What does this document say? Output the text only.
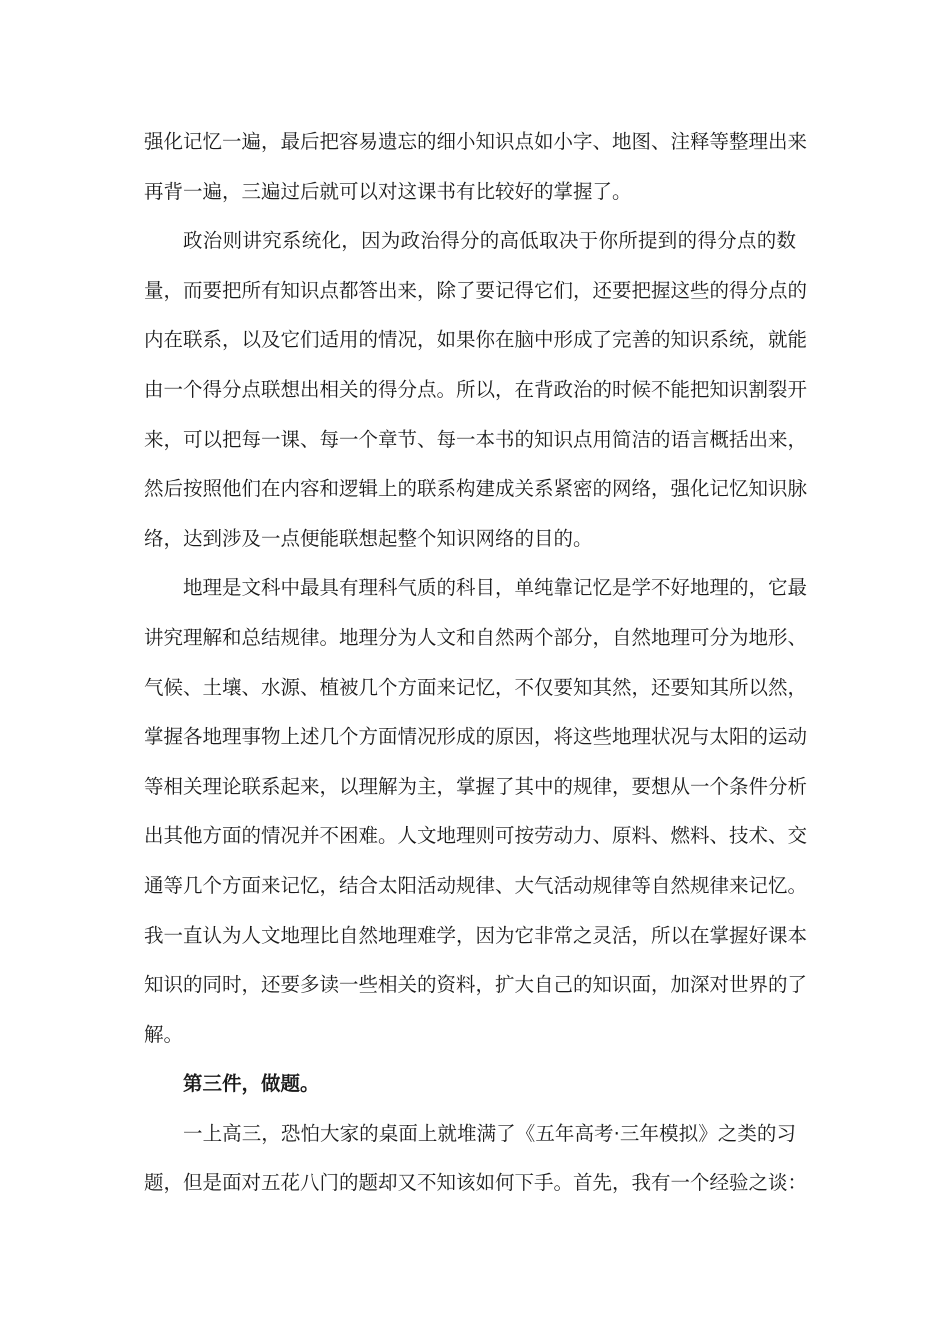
强化记忆一遍，最后把容易遗忘的细小知识点如小字、地图、注释等整理出来
再背一遍，三遍过后就可以对这课书有比较好的掌握了。
政治则讲究系统化，因为政治得分的高低取决于你所提到的得分点的数
量，而要把所有知识点都答出来，除了要记得它们，还要把握这些的得分点的
内在联系，以及它们适用的情况，如果你在脑中形成了完善的知识系统，就能
由一个得分点联想出相关的得分点。所以，在背政治的时候不能把知识割裂开
来，可以把每一课、每一个章节、每一本书的知识点用简洁的语言概括出来，
然后按照他们在内容和逻辑上的联系构建成关系紧密的网络，强化记忆知识脉
络，达到涉及一点便能联想起整个知识网络的目的。
地理是文科中最具有理科气质的科目，单纯靠记忆是学不好地理的，它最
讲究理解和总结规律。地理分为人文和自然两个部分，自然地理可分为地形、
气候、土壤、水源、植被几个方面来记忆，不仅要知其然，还要知其所以然，
掌握各地理事物上述几个方面情况形成的原因，将这些地理状况与太阳的运动
等相关理论联系起来，以理解为主，掌握了其中的规律，要想从一个条件分析
出其他方面的情况并不困难。人文地理则可按劳动力、原料、燃料、技术、交
通等几个方面来记忆，结合太阳活动规律、大气活动规律等自然规律来记忆。
我一直认为人文地理比自然地理难学，因为它非常之灵活，所以在掌握好课本
知识的同时，还要多读一些相关的资料，扩大自己的知识面，加深对世界的了
解。
第三件，做题。
一上高三，恐怕大家的桌面上就堆满了《五年高考·三年模拟》之类的习
题，但是面对五花八门的题却又不知该如何下手。首先，我有一个经验之谈：
